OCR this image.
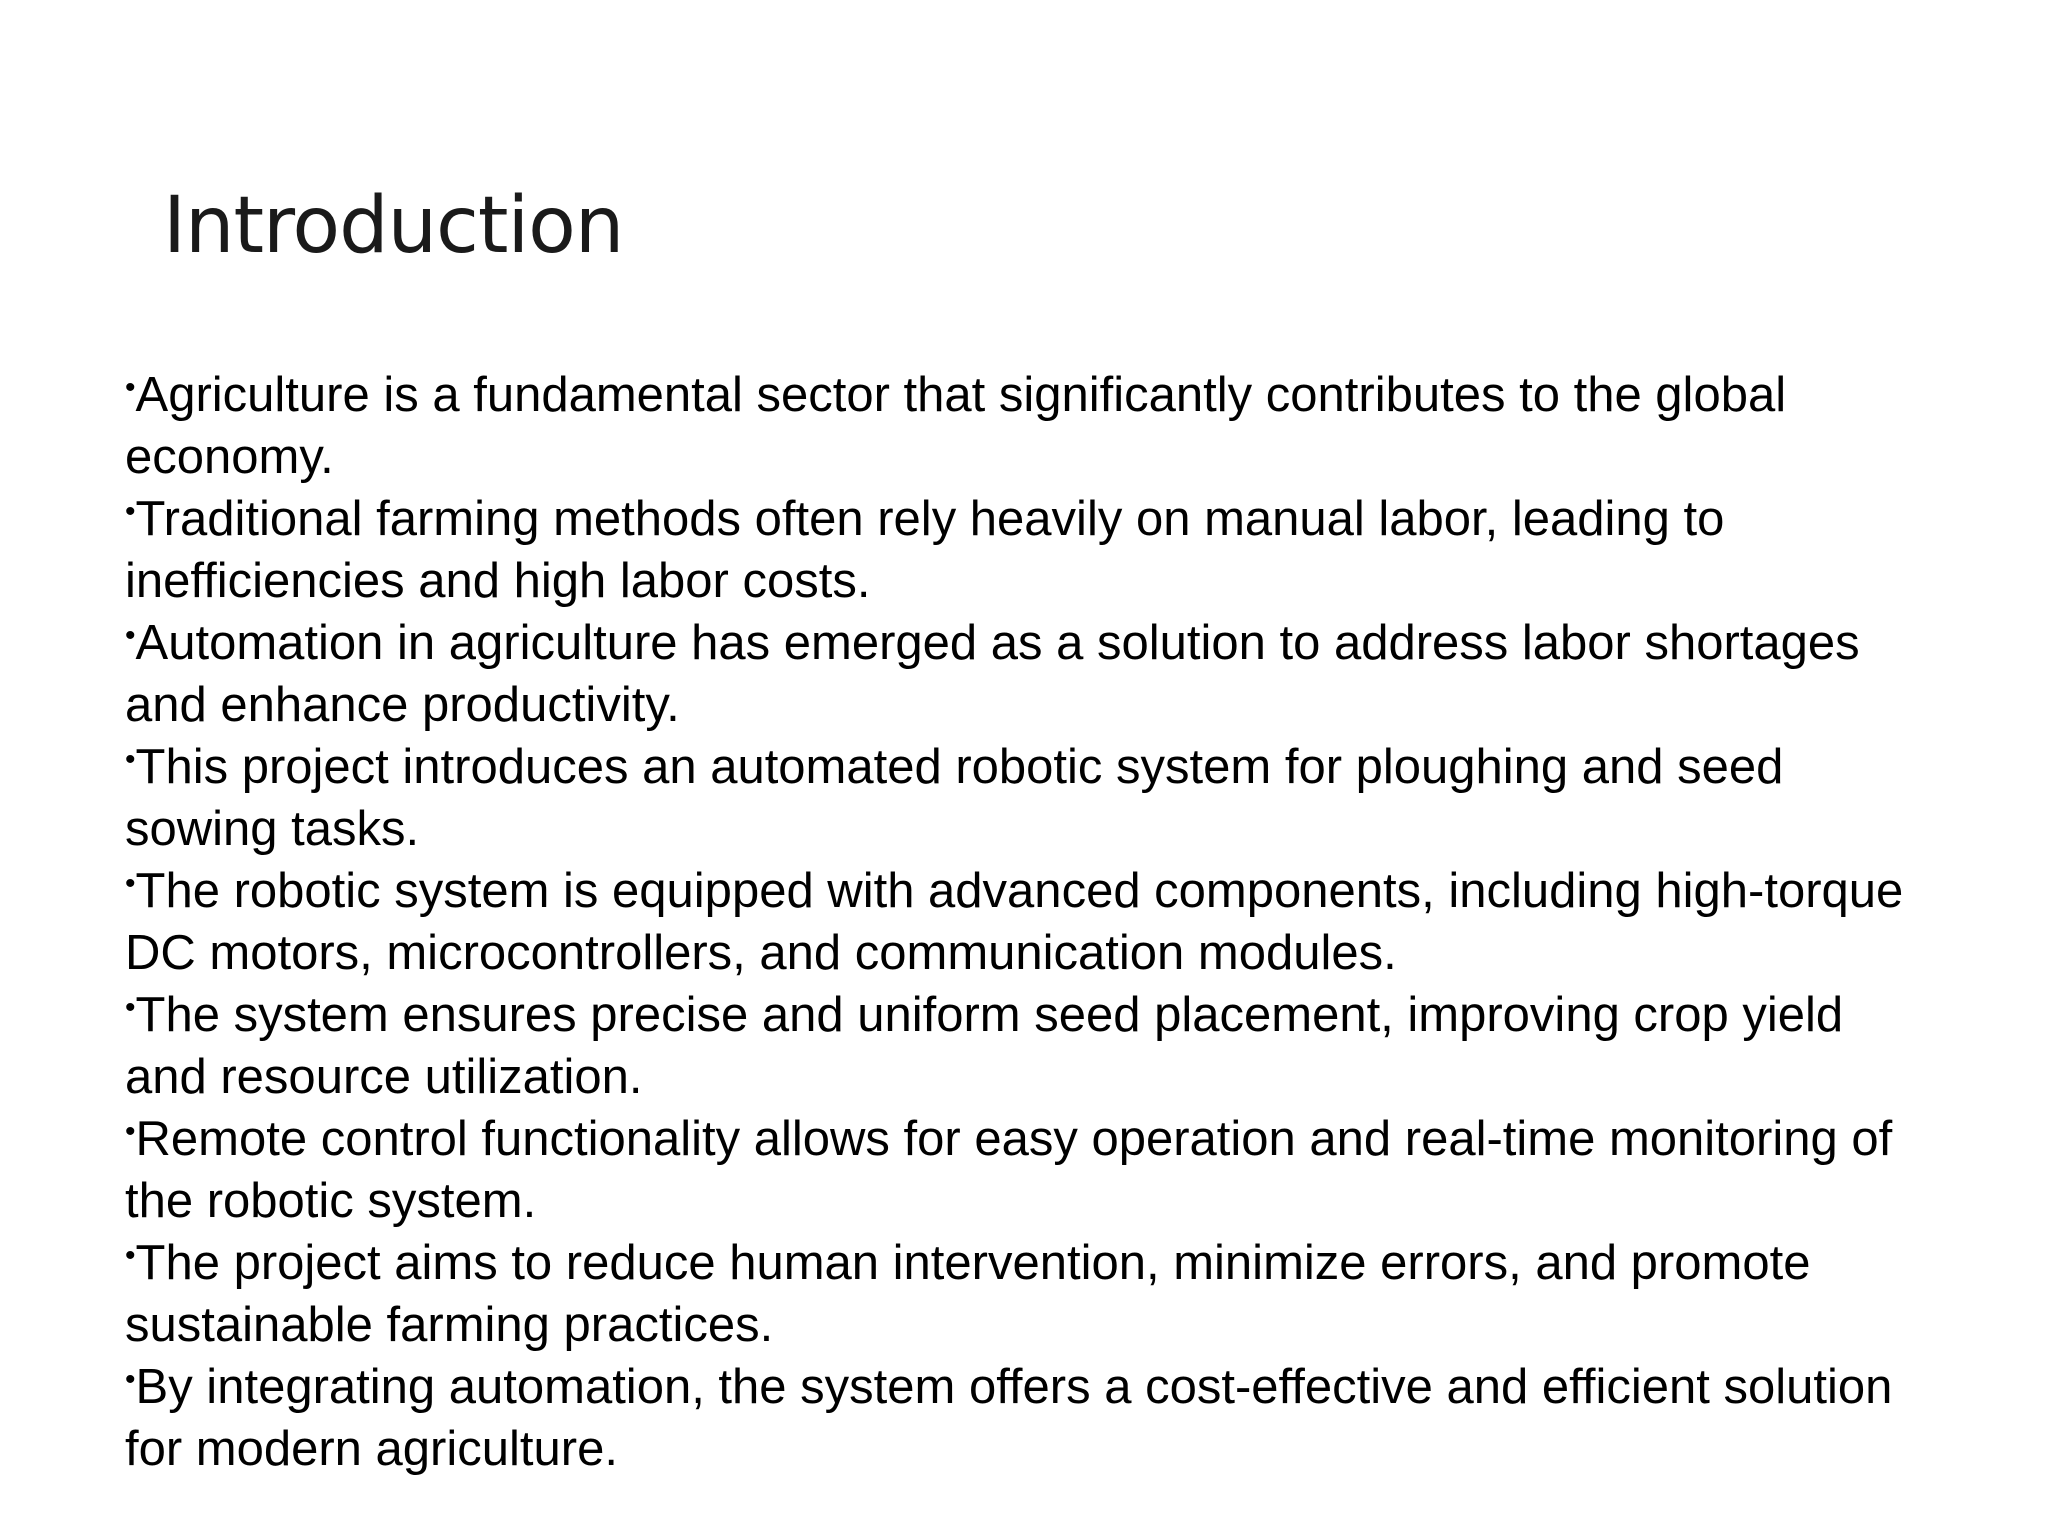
Introduction
•Agriculture is a fundamental sector that significantly contributes to the global economy.
•Traditional farming methods often rely heavily on manual labor, leading to inefficiencies and high labor costs.
•Automation in agriculture has emerged as a solution to address labor shortages and enhance productivity.
•This project introduces an automated robotic system for ploughing and seed sowing tasks.
•The robotic system is equipped with advanced components, including high-torque DC motors, microcontrollers, and communication modules.
•The system ensures precise and uniform seed placement, improving crop yield and resource utilization.
•Remote control functionality allows for easy operation and real-time monitoring of the robotic system.
•The project aims to reduce human intervention, minimize errors, and promote sustainable farming practices.
•By integrating automation, the system offers a cost-effective and efficient solution for modern agriculture.
